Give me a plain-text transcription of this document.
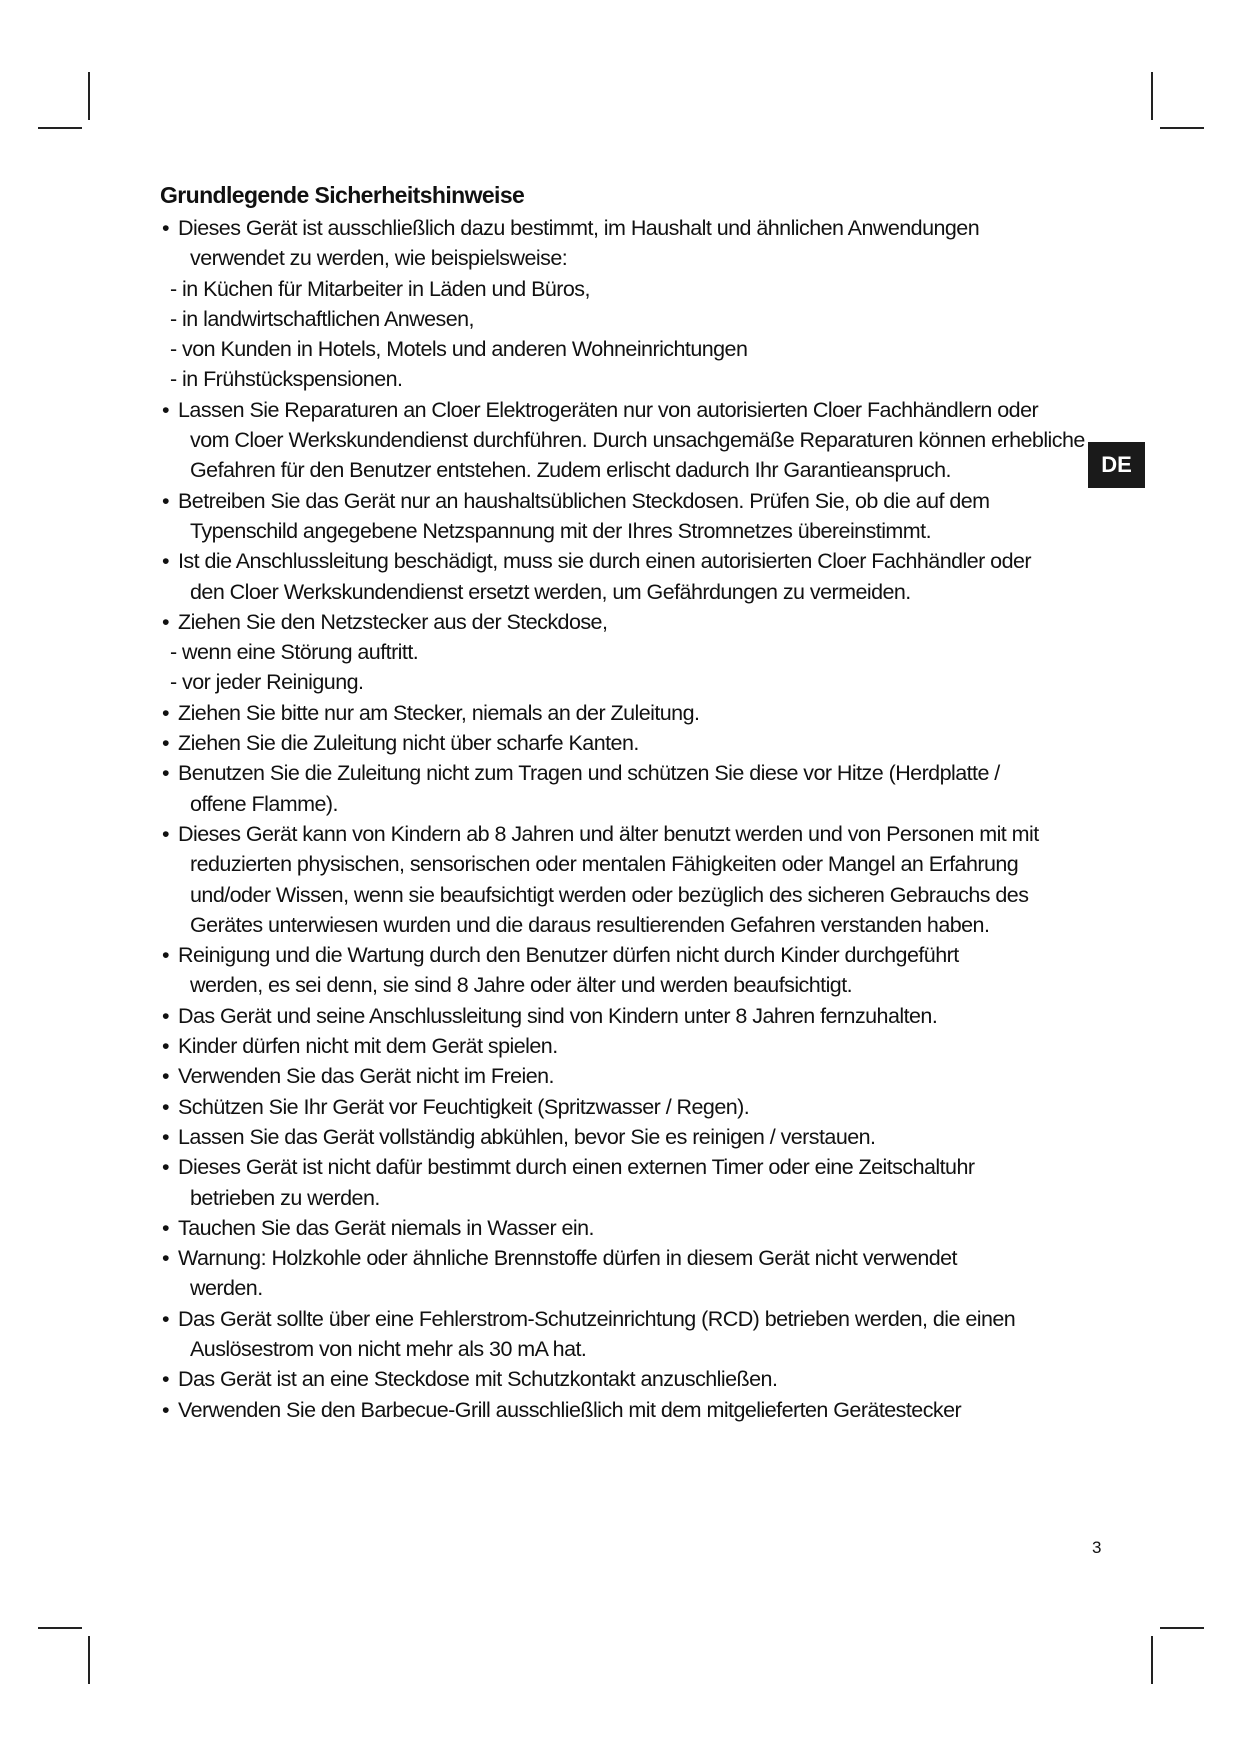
Grundlegende Sicherheitshinweise
• Dieses Gerät ist ausschließlich dazu bestimmt, im Haushalt und ähnlichen Anwendungen
verwendet zu werden, wie beispielsweise:
- in Küchen für Mitarbeiter in Läden und Büros,
- in landwirtschaftlichen Anwesen,
- von Kunden in Hotels, Motels und anderen Wohneinrichtungen
- in Frühstückspensionen.
• Lassen Sie Reparaturen an Cloer Elektrogeräten nur von autorisierten Cloer Fachhändlern oder
vom Cloer Werkskundendienst durchführen. Durch unsachgemäße Reparaturen können erhebliche
Gefahren für den Benutzer entstehen. Zudem erlischt dadurch Ihr Garantieanspruch.
• Betreiben Sie das Gerät nur an haushaltsüblichen Steckdosen. Prüfen Sie, ob die auf dem
Typenschild angegebene Netzspannung mit der Ihres Stromnetzes übereinstimmt.
• Ist die Anschlussleitung beschädigt, muss sie durch einen autorisierten Cloer Fachhändler oder
den Cloer Werkskundendienst ersetzt werden, um Gefährdungen zu vermeiden.
• Ziehen Sie den Netzstecker aus der Steckdose,
- wenn eine Störung auftritt.
- vor jeder Reinigung.
• Ziehen Sie bitte nur am Stecker, niemals an der Zuleitung.
• Ziehen Sie die Zuleitung nicht über scharfe Kanten.
• Benutzen Sie die Zuleitung nicht zum Tragen und schützen Sie diese vor Hitze (Herdplatte /
offene Flamme).
• Dieses Gerät kann von Kindern ab 8 Jahren und älter benutzt werden und von Personen mit mit
reduzierten physischen, sensorischen oder mentalen Fähigkeiten oder Mangel an Erfahrung
und/oder Wissen, wenn sie beaufsichtigt werden oder bezüglich des sicheren Gebrauchs des
Gerätes unterwiesen wurden und die daraus resultierenden Gefahren verstanden haben.
• Reinigung und die Wartung durch den Benutzer dürfen nicht durch Kinder durchgeführt
werden, es sei denn, sie sind 8 Jahre oder älter und werden beaufsichtigt.
• Das Gerät und seine Anschlussleitung sind von Kindern unter 8 Jahren fernzuhalten.
• Kinder dürfen nicht mit dem Gerät spielen.
• Verwenden Sie das Gerät nicht im Freien.
• Schützen Sie Ihr Gerät vor Feuchtigkeit (Spritzwasser / Regen).
• Lassen Sie das Gerät vollständig abkühlen, bevor Sie es reinigen / verstauen.
• Dieses Gerät ist nicht dafür bestimmt durch einen externen Timer oder eine Zeitschaltuhr
betrieben zu werden.
• Tauchen Sie das Gerät niemals in Wasser ein.
• Warnung: Holzkohle oder ähnliche Brennstoffe dürfen in diesem Gerät nicht verwendet
werden.
• Das Gerät sollte über eine Fehlerstrom-Schutzeinrichtung (RCD) betrieben werden, die einen
Auslösestrom von nicht mehr als 30 mA hat.
• Das Gerät ist an eine Steckdose mit Schutzkontakt anzuschließen.
• Verwenden Sie den Barbecue-Grill ausschließlich mit dem mitgelieferten Gerätestecker
DE
3
